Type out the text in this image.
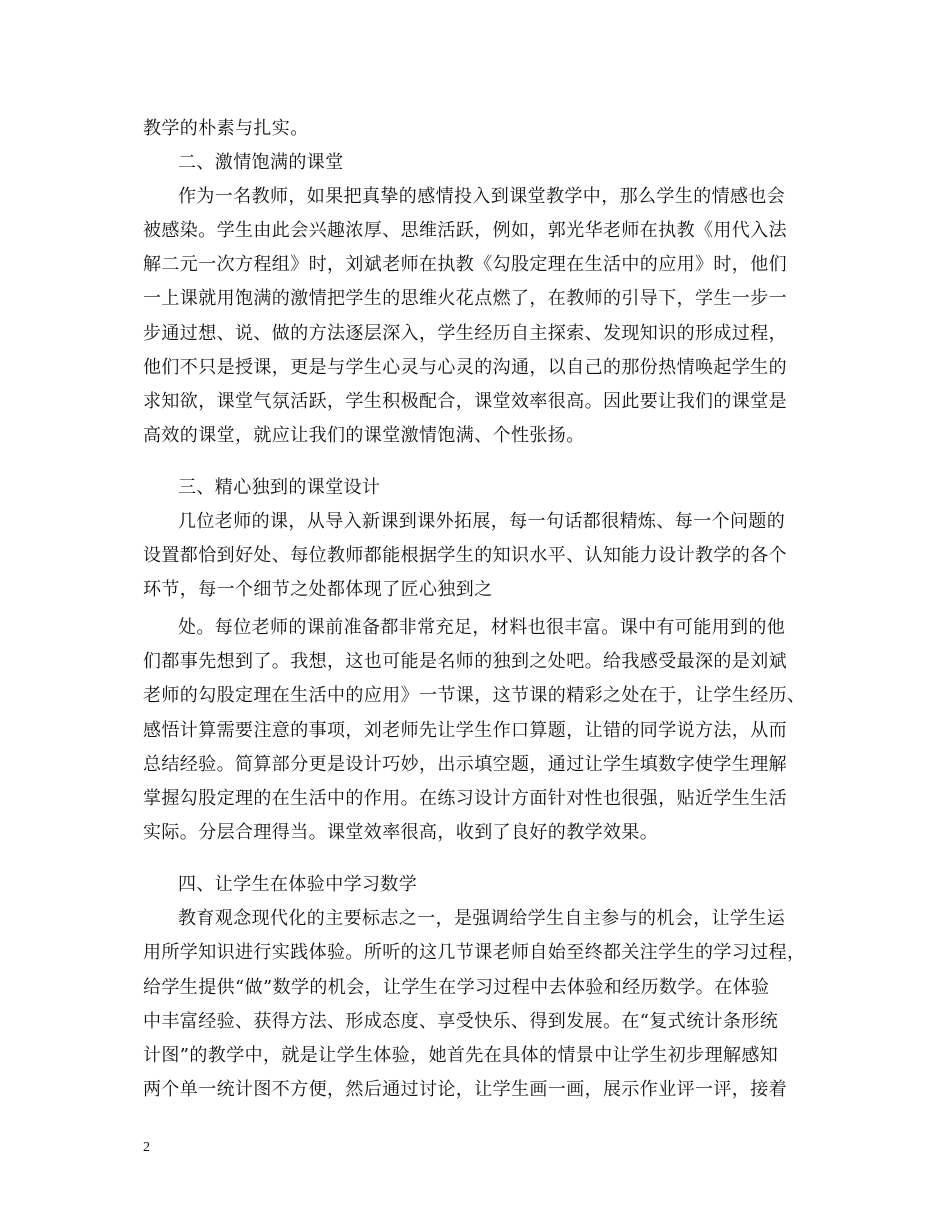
教学的朴素与扎实。
二、激情饱满的课堂
作为一名教师，如果把真挚的感情投入到课堂教学中，那么学生的情感也会
被感染。学生由此会兴趣浓厚、思维活跃，例如，郭光华老师在执教《用代入法
解二元一次方程组》时，刘斌老师在执教《勾股定理在生活中的应用》时，他们
一上课就用饱满的激情把学生的思维火花点燃了，在教师的引导下，学生一步一
步通过想、说、做的方法逐层深入，学生经历自主探索、发现知识的形成过程，
他们不只是授课，更是与学生心灵与心灵的沟通，以自己的那份热情唤起学生的
求知欲，课堂气氛活跃，学生积极配合，课堂效率很高。因此要让我们的课堂是
高效的课堂，就应让我们的课堂激情饱满、个性张扬。
三、精心独到的课堂设计
几位老师的课，从导入新课到课外拓展，每一句话都很精炼、每一个问题的
设置都恰到好处、每位教师都能根据学生的知识水平、认知能力设计教学的各个
环节，每一个细节之处都体现了匠心独到之
处。每位老师的课前准备都非常充足，材料也很丰富。课中有可能用到的他
们都事先想到了。我想，这也可能是名师的独到之处吧。给我感受最深的是刘斌
老师的勾股定理在生活中的应用》一节课，这节课的精彩之处在于，让学生经历、
感悟计算需要注意的事项，刘老师先让学生作口算题，让错的同学说方法，从而
总结经验。简算部分更是设计巧妙，出示填空题，通过让学生填数字使学生理解
掌握勾股定理的在生活中的作用。在练习设计方面针对性也很强，贴近学生生活
实际。分层合理得当。课堂效率很高，收到了良好的教学效果。
四、让学生在体验中学习数学
教育观念现代化的主要标志之一，是强调给学生自主参与的机会，让学生运
用所学知识进行实践体验。所听的这几节课老师自始至终都关注学生的学习过程，
给学生提供“做”数学的机会，让学生在学习过程中去体验和经历数学。在体验
中丰富经验、获得方法、形成态度、享受快乐、得到发展。在“复式统计条形统
计图”的教学中，就是让学生体验，她首先在具体的情景中让学生初步理解感知
两个单一统计图不方便，然后通过讨论，让学生画一画，展示作业评一评，接着
2
